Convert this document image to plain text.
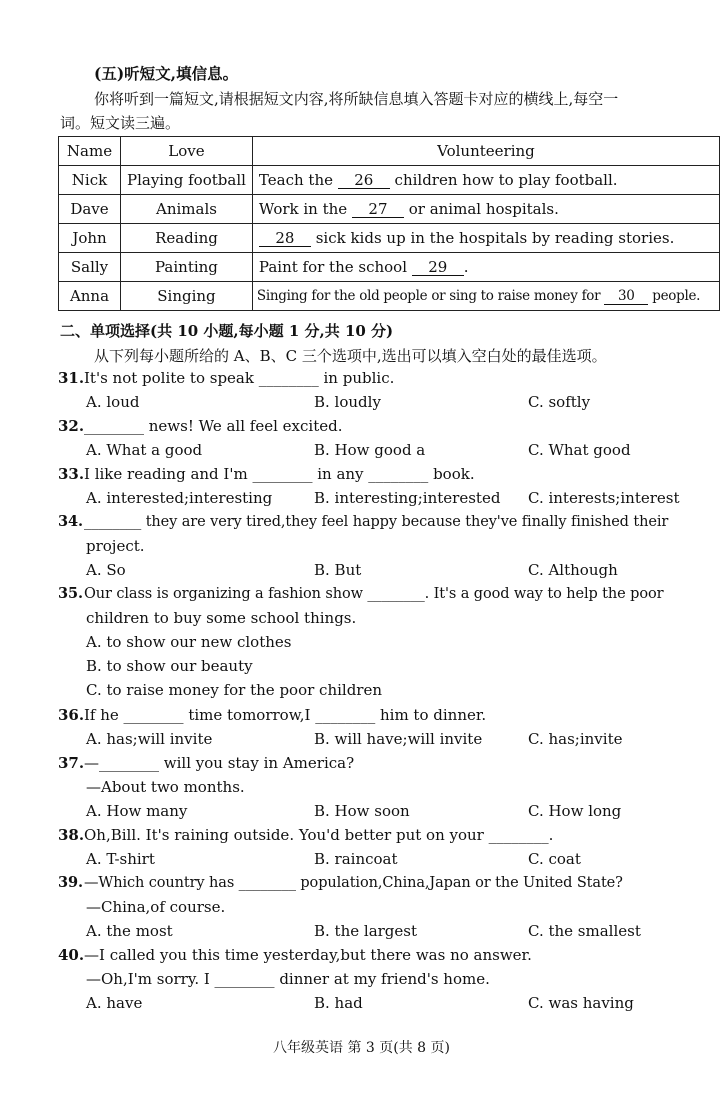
(五)听短文,填信息。
你将听到一篇短文,请根据短文内容,将所缺信息填入答题卡对应的横线上,每空一
词。短文读三遍。
Name	Love	Volunteering
Nick	Playing football	Teach the 26 children how to play football.
Dave	Animals	Work in the 27 or animal hospitals.
John	Reading	28 sick kids up in the hospitals by reading stories.
Sally	Painting	Paint for the school 29 .
Anna	Singing	Singing for the old people or sing to raise money for 30 people.
二、单项选择(共 10 小题,每小题 1 分,共 10 分)
从下列每小题所给的 A、B、C 三个选项中,选出可以填入空白处的最佳选项。
31.It's not polite to speak ________ in public.
A. loud	B. loudly	C. softly
32.________ news! We all feel excited.
A. What a good	B. How good a	C. What good
33.I like reading and I'm ________ in any ________ book.
A. interested;interesting	B. interesting;interested C. interests;interest
34.________ they are very tired,they feel happy because they've finally finished their
project.
A. So	B. But	C. Although
35.Our class is organizing a fashion show ________. It's a good way to help the poor
children to buy some school things.
A. to show our new clothes
B. to show our beauty
C. to raise money for the poor children
36.If he ________ time tomorrow,I ________ him to dinner.
A. has;will invite	B. will have;will invite	C. has;invite
37.—________ will you stay in America?
—About two months.
A. How many	B. How soon	C. How long
38.Oh,Bill. It's raining outside. You'd better put on your ________.
A. T-shirt	B. raincoat	C. coat
39.—Which country has ________ population,China,Japan or the United State?
—China,of course.
A. the most	B. the largest	C. the smallest
40.—I called you this time yesterday,but there was no answer.
—Oh,I'm sorry. I ________ dinner at my friend's home.
A. have	B. had	C. was having
八年级英语 第 3 页(共 8 页)
